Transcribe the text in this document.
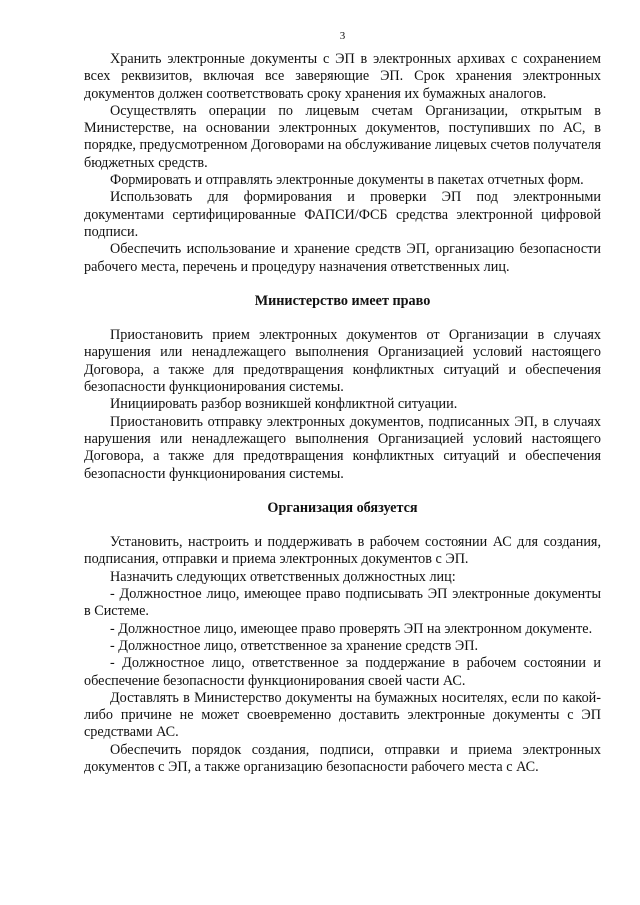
3

Хранить электронные документы с ЭП в электронных архивах с сохранением всех реквизитов, включая все заверяющие ЭП. Срок хранения электронных документов должен соответствовать сроку хранения их бумажных аналогов.

Осуществлять операции по лицевым счетам Организации, открытым в Министерстве, на основании электронных документов, поступивших по АС, в порядке, предусмотренном Договорами на обслуживание лицевых счетов получателя бюджетных средств.

Формировать и отправлять электронные документы в пакетах отчетных форм.

Использовать для формирования и проверки ЭП под электронными документами сертифицированные ФАПСИ/ФСБ средства электронной цифровой подписи.

Обеспечить использование и хранение средств ЭП, организацию безопасности рабочего места, перечень и процедуру назначения ответственных лиц.

Министерство имеет право

Приостановить прием электронных документов от Организации в случаях нарушения или ненадлежащего выполнения Организацией условий настоящего Договора, а также для предотвращения конфликтных ситуаций и обеспечения безопасности функционирования системы.

Инициировать разбор возникшей конфликтной ситуации.

Приостановить отправку электронных документов, подписанных ЭП, в случаях нарушения или ненадлежащего выполнения Организацией условий настоящего Договора, а также для предотвращения конфликтных ситуаций и обеспечения безопасности функционирования системы.

Организация обязуется

Установить, настроить и поддерживать в рабочем состоянии АС для создания, подписания, отправки и приема электронных документов с ЭП.

Назначить следующих ответственных должностных лиц:

- Должностное лицо, имеющее право подписывать ЭП электронные документы в Системе.

- Должностное лицо, имеющее право проверять ЭП на электронном документе.

- Должностное лицо, ответственное за хранение средств ЭП.

- Должностное лицо, ответственное за поддержание в рабочем состоянии и обеспечение безопасности функционирования своей части АС.

Доставлять в Министерство документы на бумажных носителях, если по какой-либо причине не может своевременно доставить электронные документы с ЭП средствами АС.

Обеспечить порядок создания, подписи, отправки и приема электронных документов с ЭП, а также организацию безопасности рабочего места с АС.
